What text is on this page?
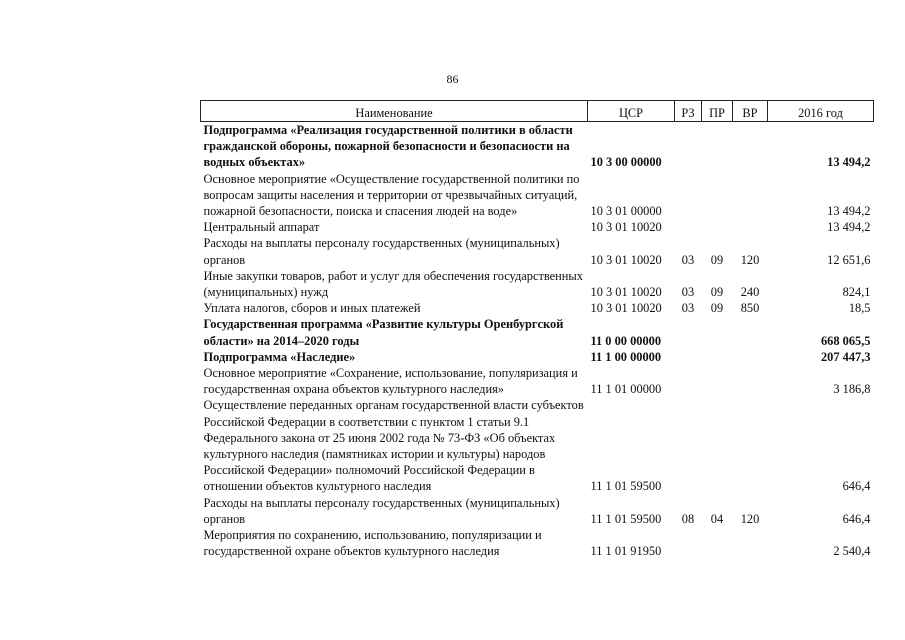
86
Наименование	ЦСР	РЗ	ПР	ВР	2016 год
Подпрограмма «Реализация государственной политики в области гражданской обороны, пожарной безопасности и безопасности на водных объектах»	10 3 00 00000				13 494,2
Основное мероприятие «Осуществление государственной политики по вопросам защиты населения и территории от чрезвычайных ситуаций, пожарной безопасности, поиска и спасения людей на воде»	10 3 01 00000				13 494,2
Центральный аппарат	10 3 01 10020				13 494,2
Расходы на выплаты персоналу государственных (муниципальных) органов	10 3 01 10020	03	09	120	12 651,6
Иные закупки товаров, работ и услуг для обеспечения государственных (муниципальных) нужд	10 3 01 10020	03	09	240	824,1
Уплата налогов, сборов и иных платежей	10 3 01 10020	03	09	850	18,5
Государственная программа «Развитие культуры Оренбургской области» на 2014–2020 годы	11 0 00 00000				668 065,5
Подпрограмма «Наследие»	11 1 00 00000				207 447,3
Основное мероприятие «Сохранение, использование, популяризация и государственная охрана объектов культурного наследия»	11 1 01 00000				3 186,8
Осуществление переданных органам государственной власти субъектов Российской Федерации в соответствии с пунктом 1 статьи 9.1 Федерального закона от 25 июня 2002 года № 73-ФЗ «Об объектах культурного наследия (памятниках истории и культуры) народов Российской Федерации» полномочий Российской Федерации в отношении объектов культурного наследия	11 1 01 59500				646,4
Расходы на выплаты персоналу государственных (муниципальных) органов	11 1 01 59500	08	04	120	646,4
Мероприятия по сохранению, использованию, популяризации и государственной охране объектов культурного наследия	11 1 01 91950				2 540,4
